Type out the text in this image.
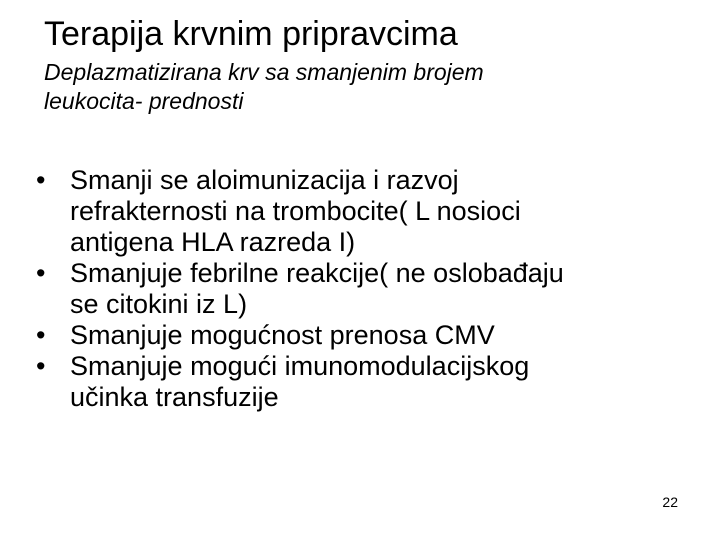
Terapija krvnim pripravcima
Deplazmatizirana krv sa smanjenim brojem
leukocita- prednosti
• Smanji se aloimunizacija i razvoj
refrakternosti na trombocite( L nosioci
antigena HLA razreda I)
• Smanjuje febrilne reakcije( ne oslobađaju
se citokini iz L)
• Smanjuje mogućnost prenosa CMV
• Smanjuje mogući imunomodulacijskog
učinka transfuzije
22
